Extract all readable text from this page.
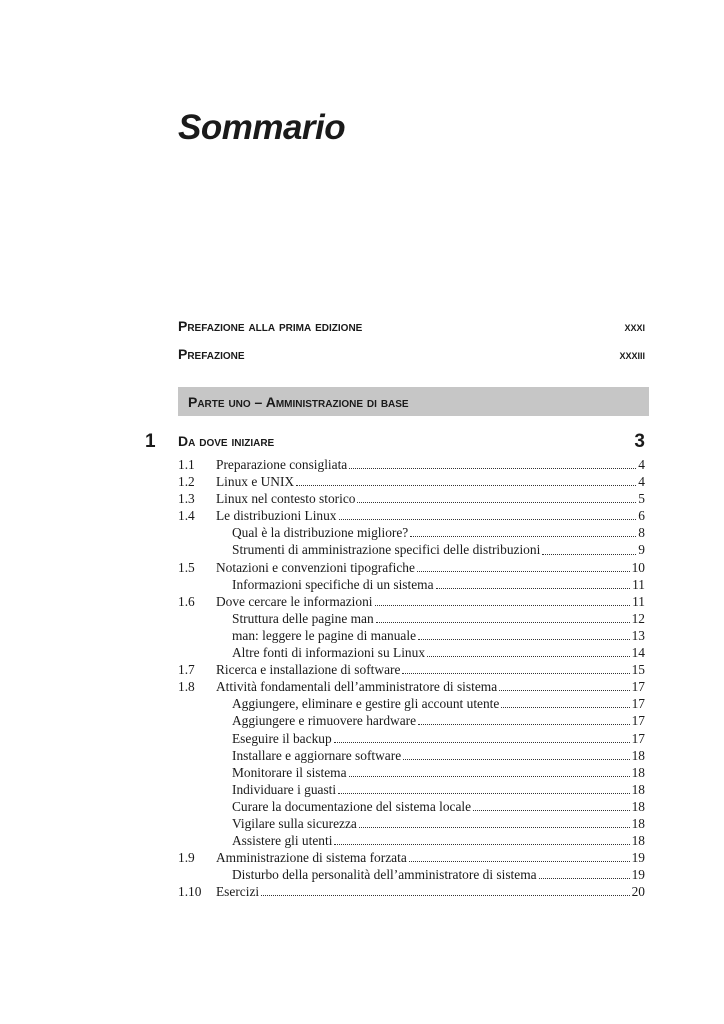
Sommario
Prefazione alla prima edizione	xxxi
Prefazione	xxxiii
Parte uno – Amministrazione di base
1 Da dove iniziare	3
1.1 Preparazione consigliata	4
1.2 Linux e UNIX	4
1.3 Linux nel contesto storico	5
1.4 Le distribuzioni Linux	6
Qual è la distribuzione migliore?	8
Strumenti di amministrazione specifici delle distribuzioni	9
1.5 Notazioni e convenzioni tipografiche	10
Informazioni specifiche di un sistema	11
1.6 Dove cercare le informazioni	11
Struttura delle pagine man	12
man: leggere le pagine di manuale	13
Altre fonti di informazioni su Linux	14
1.7 Ricerca e installazione di software	15
1.8 Attività fondamentali dell’amministratore di sistema	17
Aggiungere, eliminare e gestire gli account utente	17
Aggiungere e rimuovere hardware	17
Eseguire il backup	17
Installare e aggiornare software	18
Monitorare il sistema	18
Individuare i guasti	18
Curare la documentazione del sistema locale	18
Vigilare sulla sicurezza	18
Assistere gli utenti	18
1.9 Amministrazione di sistema forzata	19
Disturbo della personalità dell’amministratore di sistema	19
1.10 Esercizi	20
